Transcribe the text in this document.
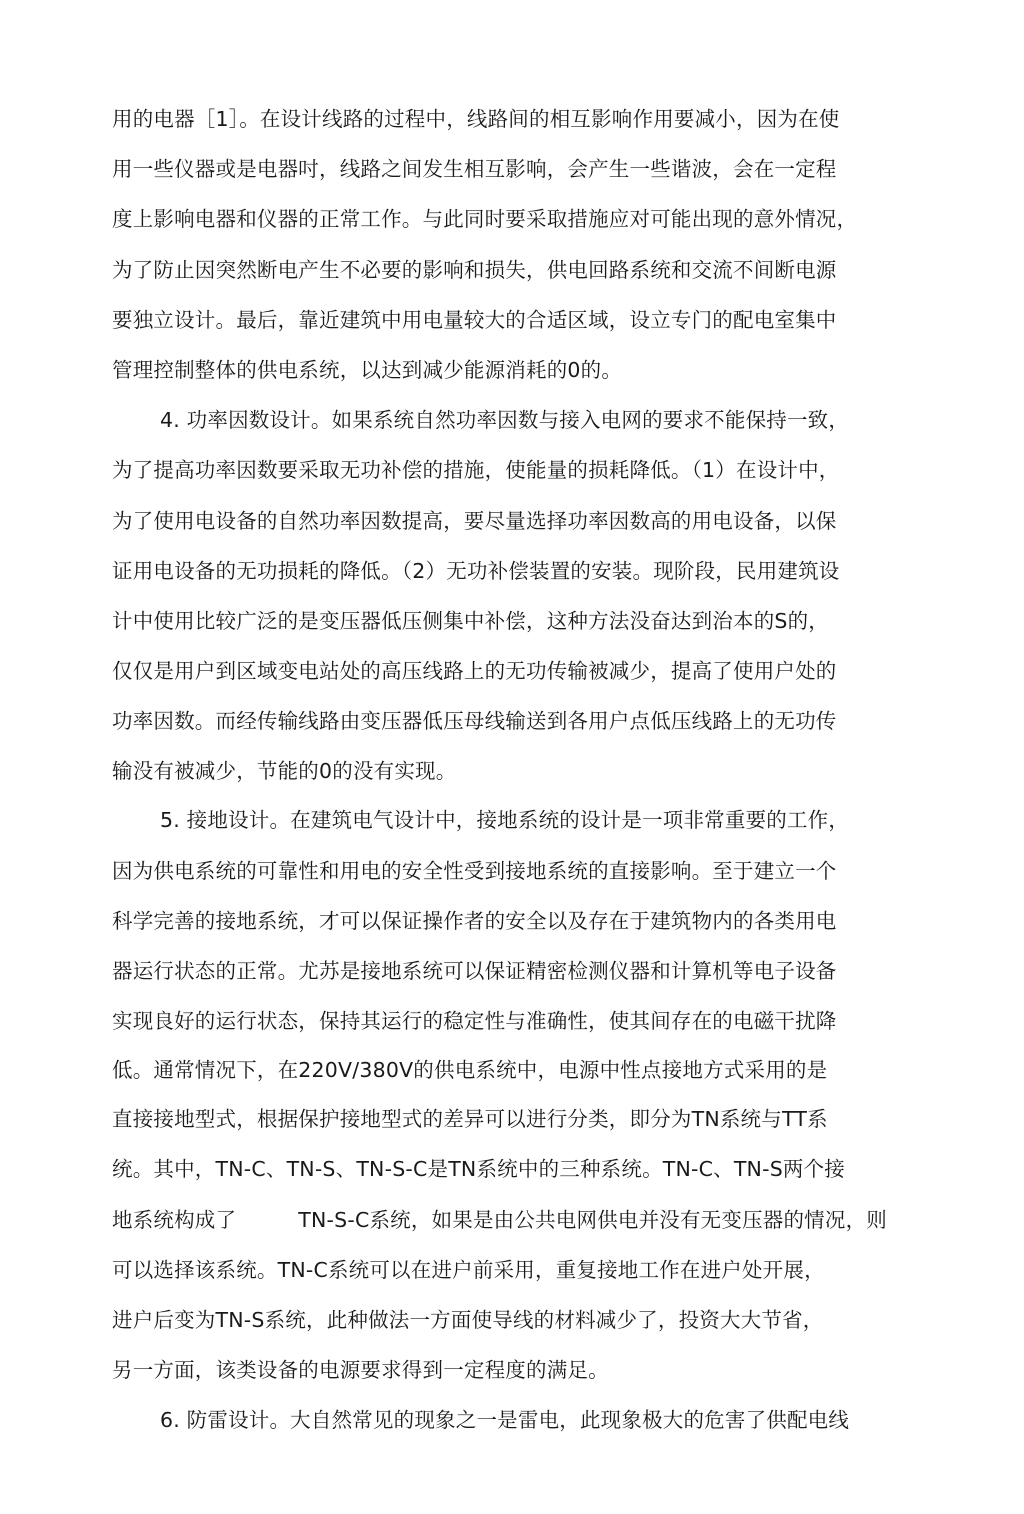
用的电器［1］。在设计线路的过程中，线路间的相互影响作用要减小，因为在使
用一些仪器或是电器吋，线路之间发生相互影响，会产生一些谐波，会在一定程
度上影响电器和仪器的正常工作。与此同时要采取措施应对可能出现的意外情况，
为了防止因突然断电产生不必要的影响和损失，供电回路系统和交流不间断电源
要独立设计。最后，靠近建筑中用电量较大的合适区域，设立专门的配电室集中
管理控制整体的供电系统，以达到减少能源消耗的0的。
4. 功率因数设计。如果系统自然功率因数与接入电网的要求不能保持一致，
为了提高功率因数要采取无功补偿的措施，使能量的损耗降低。（1）在设计中，
为了使用电设备的自然功率因数提高，要尽量选择功率因数高的用电设备，以保
证用电设备的无功损耗的降低。（2）无功补偿装置的安装。现阶段，民用建筑设
计中使用比较广泛的是变压器低压侧集中补偿，这种方法没奋达到治本的S的，
仅仅是用户到区域变电站处的高压线路上的无功传输被减少，提高了使用户处的
功率因数。而经传输线路由变压器低压母线输送到各用户点低压线路上的无功传
输没有被减少，节能的0的没有实现。
5. 接地设计。在建筑电气设计中，接地系统的设计是一项非常重要的工作，
因为供电系统的可靠性和用电的安全性受到接地系统的直接影响。至于建立一个
科学完善的接地系统，才可以保证操作者的安全以及存在于建筑物内的各类用电
器运行状态的正常。尤苏是接地系统可以保证精密检测仪器和计算机等电子设备
实现良好的运行状态，保持其运行的稳定性与准确性，使其间存在的电磁干扰降
低。通常情况下，在220V/380V的供电系统中，电源中性点接地方式采用的是
直接接地型式，根据保护接地型式的差异可以进行分类，即分为TN系统与TT系
统。其中，TN-C、TN-S、TN-S-C是TN系统中的三种系统。TN-C、TN-S两个接
地系统构成了　　　TN-S-C系统，如果是由公共电网供电并没有无变压器的情况，则
可以选择该系统。TN-C系统可以在进户前采用，重复接地工作在进户处开展，
进户后变为TN-S系统，此种做法一方面使导线的材料减少了，投资大大节省，
另一方面，该类设备的电源要求得到一定程度的满足。
6. 防雷设计。大自然常见的现象之一是雷电，此现象极大的危害了供配电线
